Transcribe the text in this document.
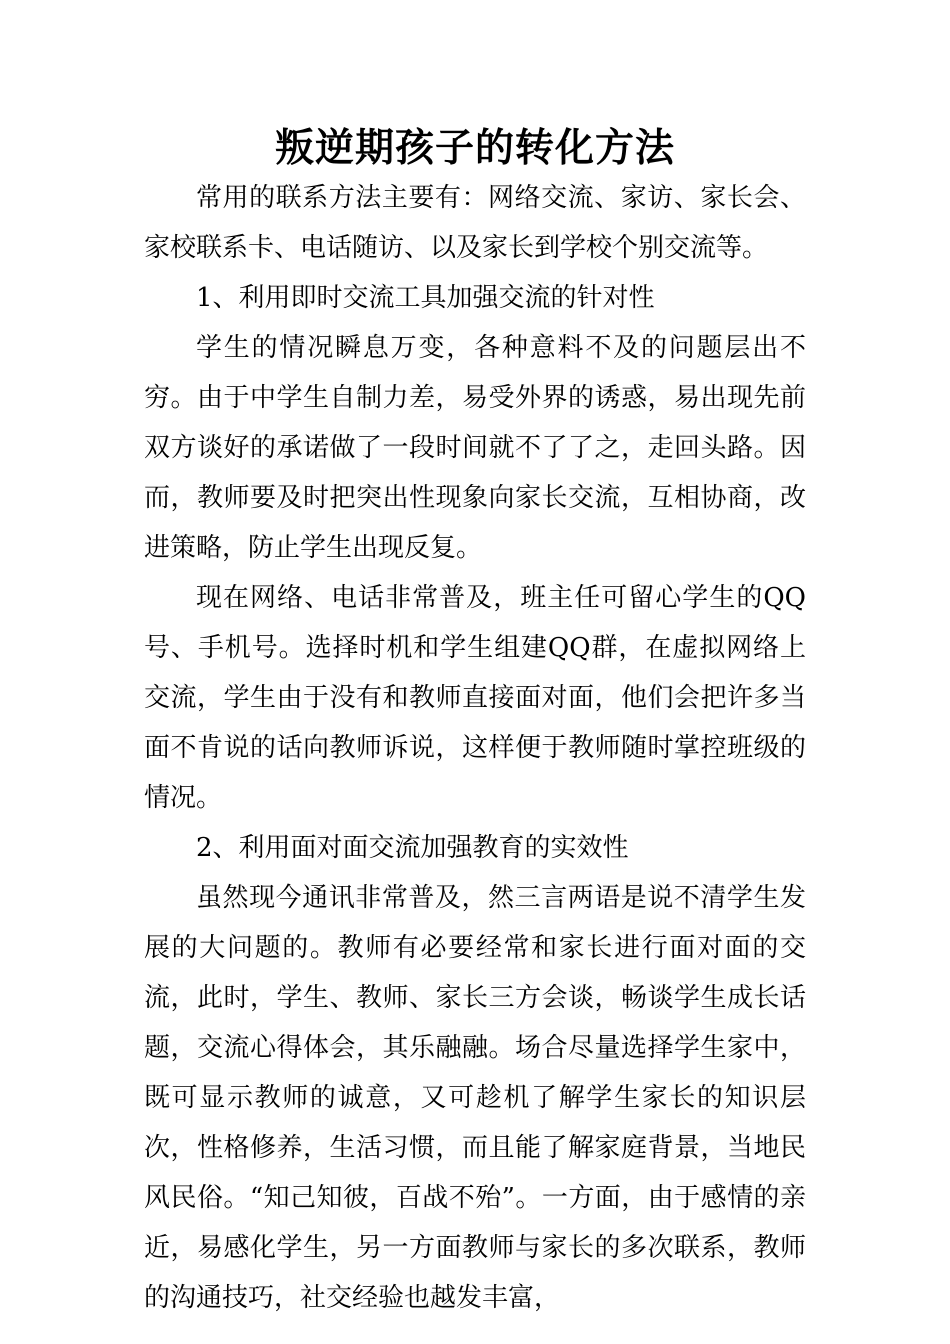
叛逆期孩子的转化方法

常用的联系方法主要有：网络交流、家访、家长会、家校联系卡、电话随访、以及家长到学校个别交流等。

1、利用即时交流工具加强交流的针对性

学生的情况瞬息万变，各种意料不及的问题层出不穷。由于中学生自制力差，易受外界的诱惑，易出现先前双方谈好的承诺做了一段时间就不了了之，走回头路。因而，教师要及时把突出性现象向家长交流，互相协商，改进策略，防止学生出现反复。

现在网络、电话非常普及，班主任可留心学生的QQ号、手机号。选择时机和学生组建QQ群，在虚拟网络上交流，学生由于没有和教师直接面对面，他们会把许多当面不肯说的话向教师诉说，这样便于教师随时掌控班级的情况。

2、利用面对面交流加强教育的实效性

虽然现今通讯非常普及，然三言两语是说不清学生发展的大问题的。教师有必要经常和家长进行面对面的交流，此时，学生、教师、家长三方会谈，畅谈学生成长话题，交流心得体会，其乐融融。场合尽量选择学生家中，既可显示教师的诚意，又可趁机了解学生家长的知识层次，性格修养，生活习惯，而且能了解家庭背景，当地民风民俗。“知己知彼，百战不殆”。一方面，由于感情的亲近，易感化学生，另一方面教师与家长的多次联系，教师的沟通技巧，社交经验也越发丰富，
